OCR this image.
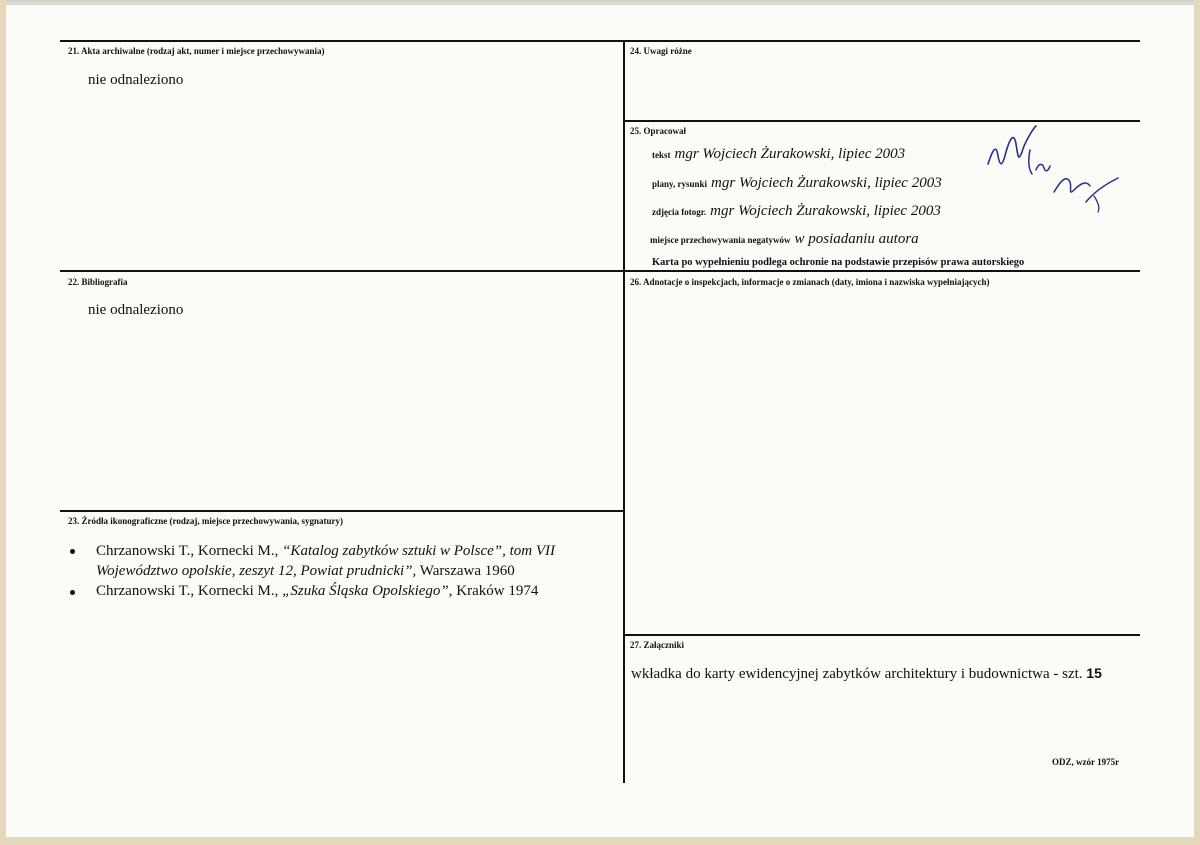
21. Akta archiwalne (rodzaj akt, numer i miejsce przechowywania)
nie odnaleziono
24. Uwagi różne
25. Opracował
tekst mgr Wojciech Żurakowski, lipiec 2003
plany, rysunki mgr Wojciech Żurakowski, lipiec 2003
zdjęcia fotogr. mgr Wojciech Żurakowski, lipiec 2003
miejsce przechowywania negatywów w posiadaniu autora
Karta po wypełnieniu podlega ochronie na podstawie przepisów prawa autorskiego
22. Bibliografia
nie odnaleziono
26. Adnotacje o inspekcjach, informacje o zmianach (daty, imiona i nazwiska wypełniających)
23. Źródła ikonograficzne (rodzaj, miejsce przechowywania, sygnatury)
Chrzanowski T., Kornecki M., “Katalog zabytków sztuki w Polsce”, tom VII
Województwo opolskie, zeszyt 12, Powiat prudnicki”, Warszawa 1960
Chrzanowski T., Kornecki M., „Szuka Śląska Opolskiego”, Kraków 1974
27. Załączniki
wkładka do karty ewidencyjnej zabytków architektury i budownictwa - szt. 15
ODZ, wzór 1975r
